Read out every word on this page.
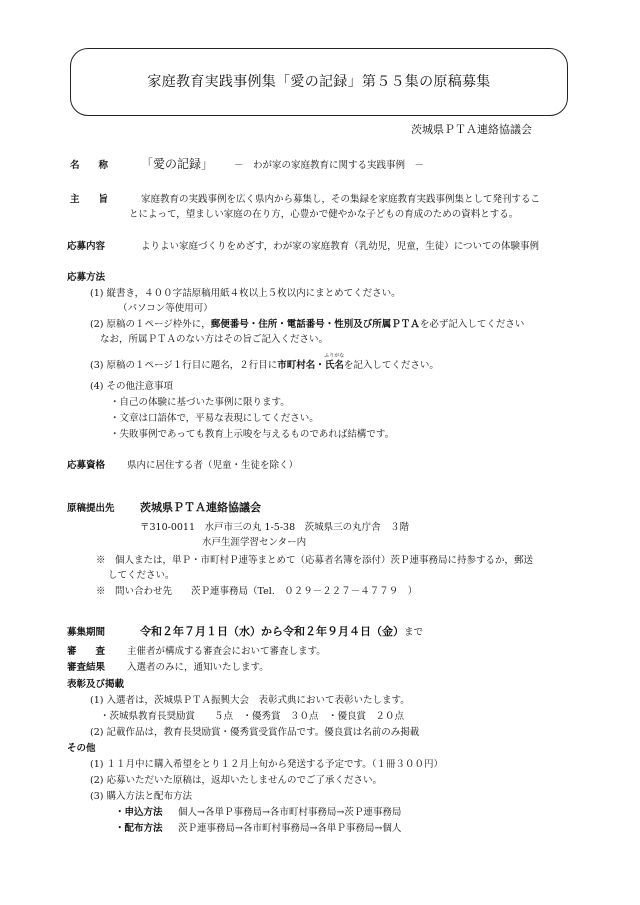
家庭教育実践事例集「愛の記録」第５５集の原稿募集
茨城県ＰＴＡ連絡協議会
名　　称	「愛の記録」 －　わが家の家庭教育に関する実践事例　－
主　　旨	家庭教育の実践事例を広く県内から募集し，その集録を家庭教育実践事例集として発刊するこ
とによって，望ましい家庭の在り方，心豊かで健やかな子どもの育成のための資料とする。
応募内容	よりよい家庭づくりをめざす，わが家の家庭教育（乳幼児，児童，生徒）についての体験事例
応募方法
(1) 縦書き，４００字詰原稿用紙４枚以上５枚以内にまとめてください。
（パソコン等使用可）
(2) 原稿の１ページ枠外に，郵便番号・住所・電話番号・性別及び所属ＰＴＡを必ず記入してください
なお，所属ＰＴＡのない方はその旨ご記入ください。
(3) 原稿の１ページ１行目に題名，２行目に市町村名・
ふりがな
氏名を記入してください。
(4) その他注意事項
・自己の体験に基づいた事例に限ります。
・文章は口語体で，平易な表現にしてください。
・失敗事例であっても教育上示唆を与えるものであれば結構です。
応募資格 県内に居住する者（児童・生徒を除く）
原稿提出先 茨城県ＰＴＡ連絡協議会
〒310-0011　水戸市三の丸 1-5-38　茨城県三の丸庁舎　３階
水戸生涯学習センター内
※　個人または，単Ｐ・市町村Ｐ連等まとめて（応募者名簿を添付）茨Ｐ連事務局に持参するか，郵送
してください。
※　問い合わせ先　　茨Ｐ連事務局（Tel.　０２９－２２７－４７７９　）
募集期間	令和２年７月１日（水）から令和２年９月４日（金）まで
審　　査 主催者が構成する審査会において審査します。
審査結果 入選者のみに，通知いたします。
表彰及び掲載
(1) 入選者は，茨城県ＰＴＡ振興大会　表彰式典において表彰いたします。
・茨城県教育長奨励賞　　５点　・優秀賞　３０点　・優良賞　２０点
(2) 記載作品は，教育長奨励賞・優秀賞受賞作品です。優良賞は名前のみ掲載
その他
(1) １１月中に購入希望をとり１２月上旬から発送する予定です。（１冊３００円）
(2) 応募いただいた原稿は，返却いたしませんのでご了承ください。
(3) 購入方法と配布方法
・申込方法 個人→各単Ｐ事務局→各市町村事務局→茨Ｐ連事務局
・配布方法 茨Ｐ連事務局→各市町村事務局→各単Ｐ事務局→個人
